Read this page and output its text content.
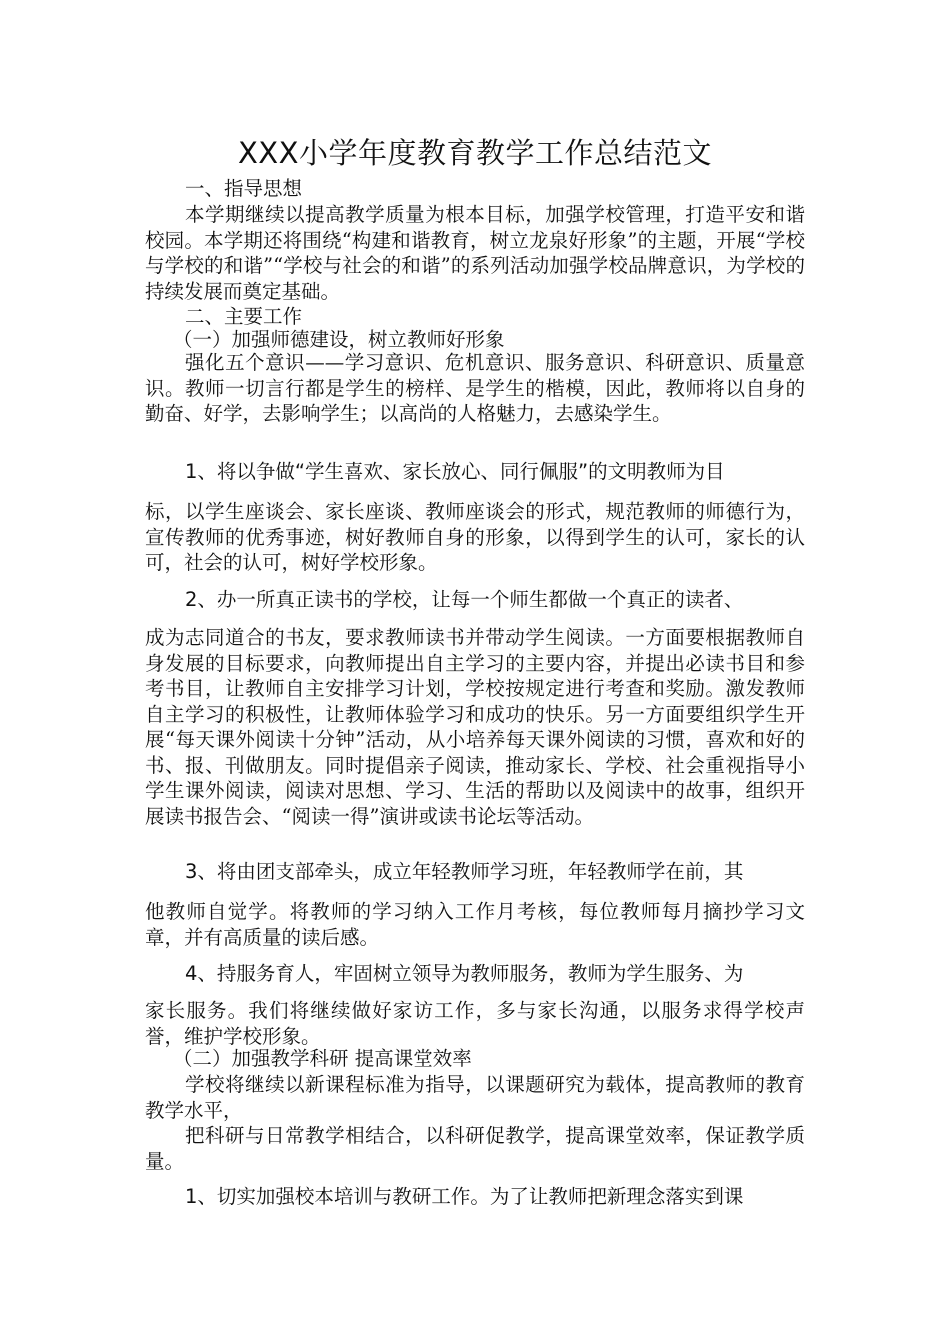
XXX小学年度教育教学工作总结范文

一、指导思想

本学期继续以提高教学质量为根本目标，加强学校管理，打造平安和谐校园。本学期还将围绕“构建和谐教育，树立龙泉好形象”的主题，开展“学校与学校的和谐”“学校与社会的和谐”的系列活动加强学校品牌意识，为学校的持续发展而奠定基础。

二、主要工作

（一）加强师德建设，树立教师好形象

强化五个意识——学习意识、危机意识、服务意识、科研意识、质量意识。教师一切言行都是学生的榜样、是学生的楷模，因此，教师将以自身的勤奋、好学，去影响学生；以高尚的人格魅力，去感染学生。

1、将以争做“学生喜欢、家长放心、同行佩服”的文明教师为目

标，以学生座谈会、家长座谈、教师座谈会的形式，规范教师的师德行为，宣传教师的优秀事迹，树好教师自身的形象，以得到学生的认可，家长的认可，社会的认可，树好学校形象。

2、办一所真正读书的学校，让每一个师生都做一个真正的读者、

成为志同道合的书友，要求教师读书并带动学生阅读。一方面要根据教师自身发展的目标要求，向教师提出自主学习的主要内容，并提出必读书目和参考书目，让教师自主安排学习计划，学校按规定进行考查和奖励。激发教师自主学习的积极性，让教师体验学习和成功的快乐。另一方面要组织学生开展“每天课外阅读十分钟”活动，从小培养每天课外阅读的习惯，喜欢和好的书、报、刊做朋友。同时提倡亲子阅读，推动家长、学校、社会重视指导小学生课外阅读，阅读对思想、学习、生活的帮助以及阅读中的故事，组织开展读书报告会、“阅读一得”演讲或读书论坛等活动。

3、将由团支部牵头，成立年轻教师学习班，年轻教师学在前，其

他教师自觉学。将教师的学习纳入工作月考核，每位教师每月摘抄学习文章，并有高质量的读后感。

4、持服务育人，牢固树立领导为教师服务，教师为学生服务、为

家长服务。我们将继续做好家访工作，多与家长沟通，以服务求得学校声誉，维护学校形象。

（二）加强教学科研 提高课堂效率

学校将继续以新课程标准为指导，以课题研究为载体，提高教师的教育教学水平，

把科研与日常教学相结合，以科研促教学，提高课堂效率，保证教学质量。

1、切实加强校本培训与教研工作。为了让教师把新理念落实到课
